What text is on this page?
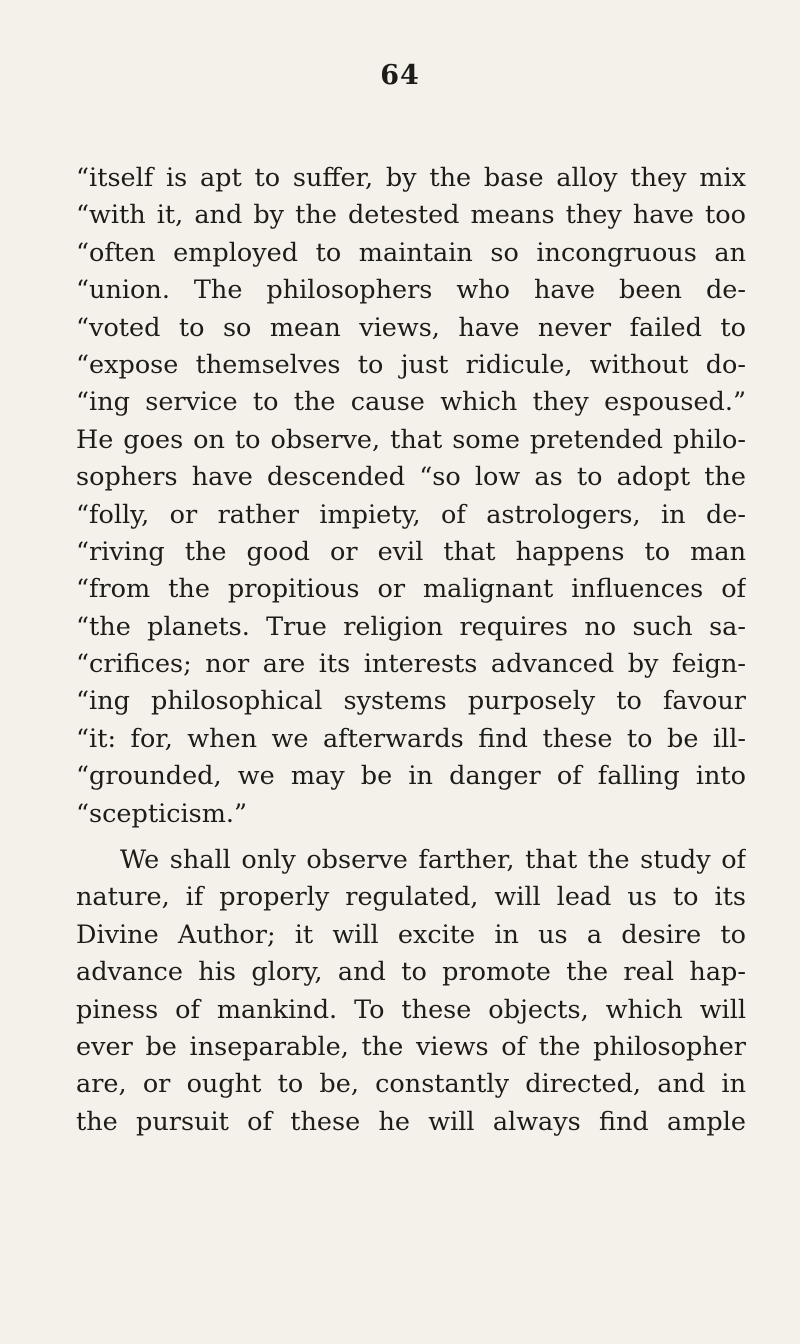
64
“itself is apt to suffer, by the base alloy they mix
“with it, and by the detested means they have too
“often employed to maintain so incongruous an
“union. The philosophers who have been de-
“voted to so mean views, have never failed to
“expose themselves to just ridicule, without do-
“ing service to the cause which they espoused.”
He goes on to observe, that some pretended philo-
sophers have descended “so low as to adopt the
“folly, or rather impiety, of astrologers, in de-
“riving the good or evil that happens to man
“from the propitious or malignant influences of
“the planets. True religion requires no such sa-
“crifices; nor are its interests advanced by feign-
“ing philosophical systems purposely to favour
“it: for, when we afterwards find these to be ill-
“grounded, we may be in danger of falling into
“scepticism.”
We shall only observe farther, that the study of
nature, if properly regulated, will lead us to its
Divine Author; it will excite in us a desire to
advance his glory, and to promote the real hap-
piness of mankind. To these objects, which will
ever be inseparable, the views of the philosopher
are, or ought to be, constantly directed, and in
the pursuit of these he will always find ample
